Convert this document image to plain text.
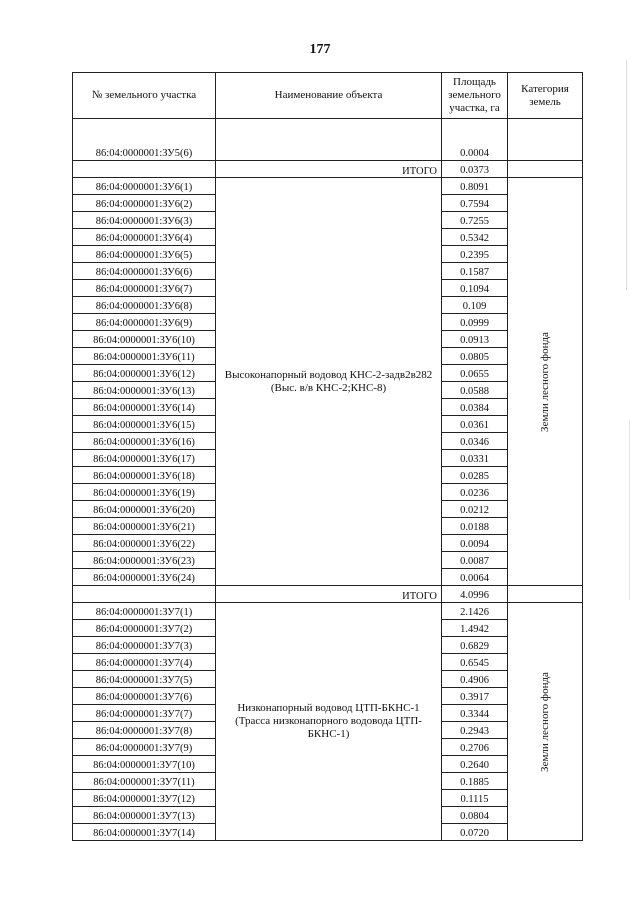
177
№ земельного участка	Наименование объекта	Площадь земельного участка, га	Категория земель
86:04:0000001:ЗУ5(6)		0.0004	
	ИТОГО	0.0373	
86:04:0000001:ЗУ6(1)	Высоконапорный водовод КНС-2-задв2в282 (Выс. в/в КНС-2;КНС-8)	0.8091	Земли лесного фонда

86:04:0000001:ЗУ6(2)		0.7594	
86:04:0000001:ЗУ6(3)		0.7255	
86:04:0000001:ЗУ6(4)		0.5342	
86:04:0000001:ЗУ6(5)		0.2395	
86:04:0000001:ЗУ6(6)		0.1587	
86:04:0000001:ЗУ6(7)		0.1094	
86:04:0000001:ЗУ6(8)		0.109	
86:04:0000001:ЗУ6(9)		0.0999	
86:04:0000001:ЗУ6(10)		0.0913	
86:04:0000001:ЗУ6(11)		0.0805	
86:04:0000001:ЗУ6(12)		0.0655	
86:04:0000001:ЗУ6(13)		0.0588	
86:04:0000001:ЗУ6(14)		0.0384	
86:04:0000001:ЗУ6(15)		0.0361	
86:04:0000001:ЗУ6(16)		0.0346	
86:04:0000001:ЗУ6(17)		0.0331	
86:04:0000001:ЗУ6(18)		0.0285	
86:04:0000001:ЗУ6(19)		0.0236	
86:04:0000001:ЗУ6(20)		0.0212	
86:04:0000001:ЗУ6(21)		0.0188	
86:04:0000001:ЗУ6(22)		0.0094	
86:04:0000001:ЗУ6(23)		0.0087	
86:04:0000001:ЗУ6(24)		0.0064	
	ИТОГО	4.0996	
86:04:0000001:ЗУ7(1)	Низконапорный водовод ЦТП-БКНС-1 (Трасса низконапорного водовода ЦТП-БКНС-1)	2.1426	Земли лесного фонда

86:04:0000001:ЗУ7(2)		1.4942	
86:04:0000001:ЗУ7(3)		0.6829	
86:04:0000001:ЗУ7(4)		0.6545	
86:04:0000001:ЗУ7(5)		0.4906	
86:04:0000001:ЗУ7(6)		0.3917	
86:04:0000001:ЗУ7(7)		0.3344	
86:04:0000001:ЗУ7(8)		0.2943	
86:04:0000001:ЗУ7(9)		0.2706	
86:04:0000001:ЗУ7(10)		0.2640	
86:04:0000001:ЗУ7(11)		0.1885	
86:04:0000001:ЗУ7(12)		0.1115	
86:04:0000001:ЗУ7(13)		0.0804	
86:04:0000001:ЗУ7(14)		0.0720	
